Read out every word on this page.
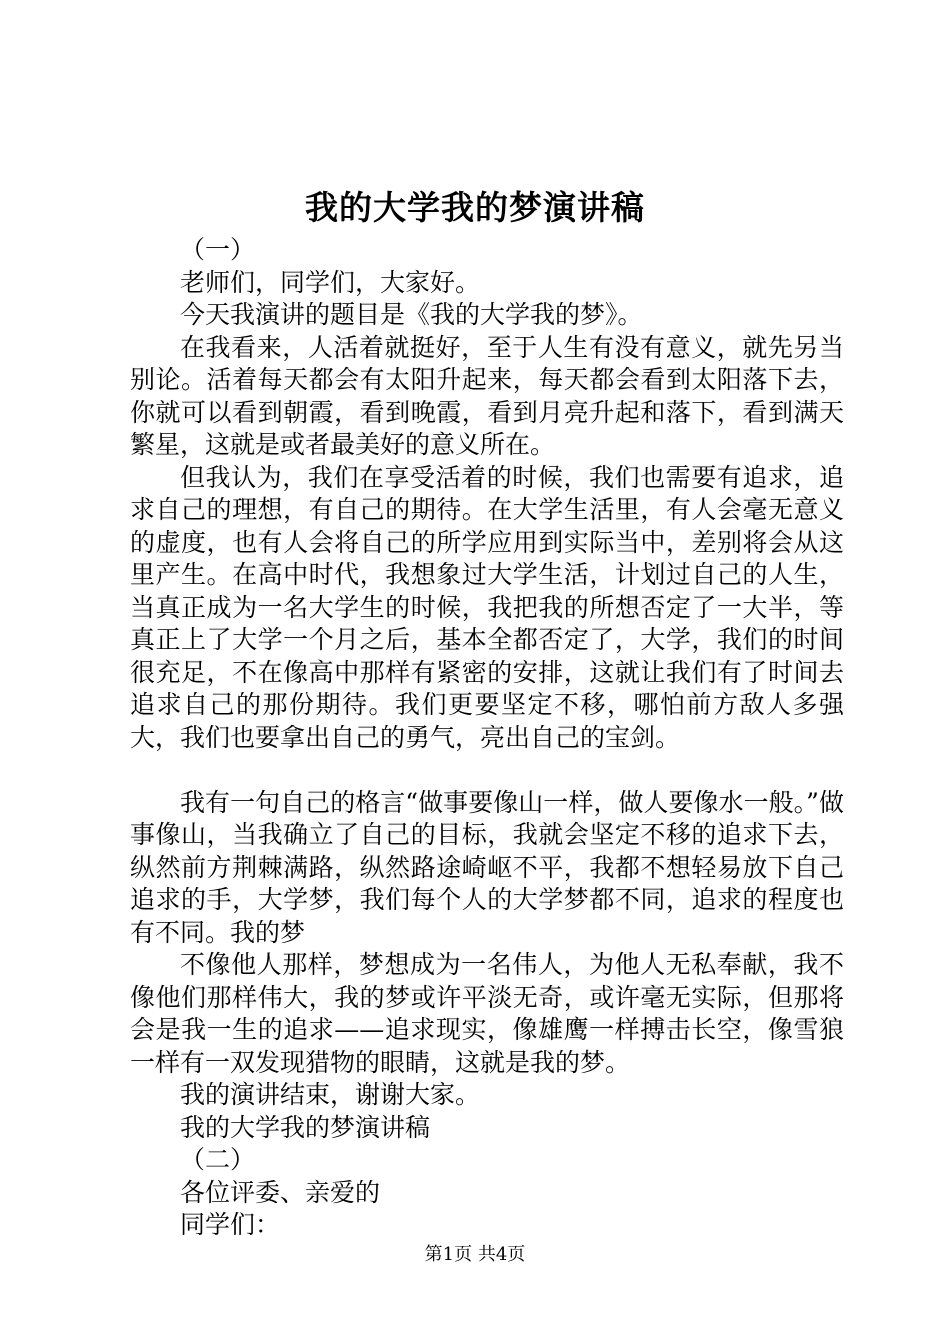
我的大学我的梦演讲稿

（一）

老师们，同学们，大家好。

今天我演讲的题目是《我的大学我的梦》。

在我看来，人活着就挺好，至于人生有没有意义，就先另当别论。活着每天都会有太阳升起来，每天都会看到太阳落下去，你就可以看到朝霞，看到晚霞，看到月亮升起和落下，看到满天繁星，这就是或者最美好的意义所在。

但我认为，我们在享受活着的时候，我们也需要有追求，追求自己的理想，有自己的期待。在大学生活里，有人会毫无意义的虚度，也有人会将自己的所学应用到实际当中，差别将会从这里产生。在高中时代，我想象过大学生活，计划过自己的人生，当真正成为一名大学生的时候，我把我的所想否定了一大半，等真正上了大学一个月之后，基本全都否定了，大学，我们的时间很充足，不在像高中那样有紧密的安排，这就让我们有了时间去追求自己的那份期待。我们更要坚定不移，哪怕前方敌人多强大，我们也要拿出自己的勇气，亮出自己的宝剑。

我有一句自己的格言“做事要像山一样，做人要像水一般。”做事像山，当我确立了自己的目标，我就会坚定不移的追求下去，纵然前方荆棘满路，纵然路途崎岖不平，我都不想轻易放下自己追求的手，大学梦，我们每个人的大学梦都不同，追求的程度也有不同。我的梦

不像他人那样，梦想成为一名伟人，为他人无私奉献，我不像他们那样伟大，我的梦或许平淡无奇，或许毫无实际，但那将会是我一生的追求——追求现实，像雄鹰一样搏击长空，像雪狼一样有一双发现猎物的眼睛，这就是我的梦。

我的演讲结束，谢谢大家。

我的大学我的梦演讲稿

（二）

各位评委、亲爱的

同学们：

第1页 共4页
